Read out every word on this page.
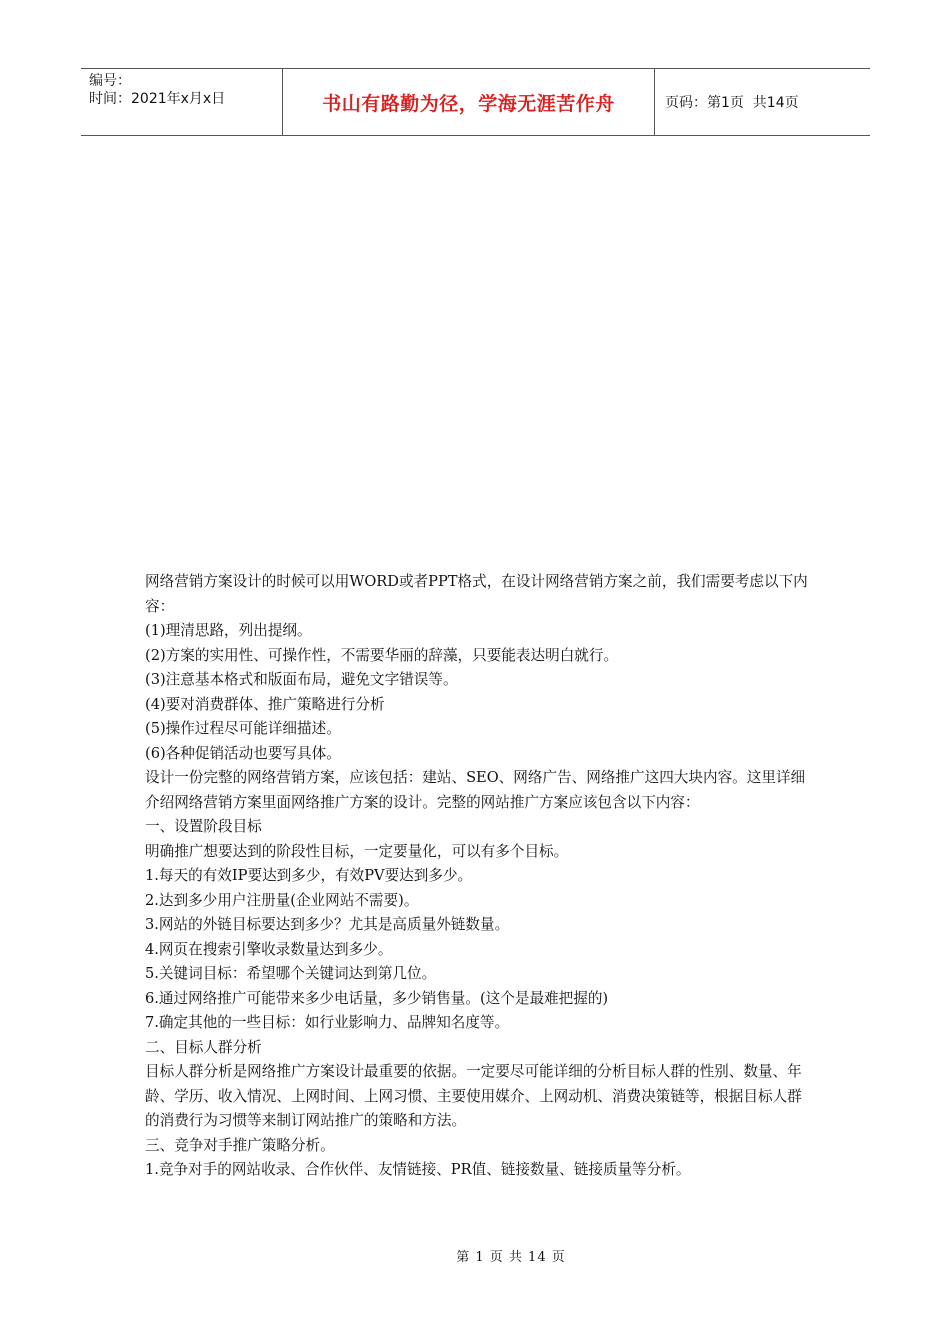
编号：
时间：2021年x月x日	书山有路勤为径，学海无涯苦作舟	页码：第1页  共14页

网络营销方案设计的时候可以用WORD或者PPT格式，在设计网络营销方案之前，我们需要考虑以下内容：

(1)理清思路，列出提纲。

(2)方案的实用性、可操作性，不需要华丽的辞藻，只要能表达明白就行。

(3)注意基本格式和版面布局，避免文字错误等。

(4)要对消费群体、推广策略进行分析

(5)操作过程尽可能详细描述。

(6)各种促销活动也要写具体。

设计一份完整的网络营销方案，应该包括：建站、SEO、网络广告、网络推广这四大块内容。这里详细介绍网络营销方案里面网络推广方案的设计。完整的网站推广方案应该包含以下内容：

一、设置阶段目标

明确推广想要达到的阶段性目标，一定要量化，可以有多个目标。

1.每天的有效IP要达到多少，有效PV要达到多少。

2.达到多少用户注册量(企业网站不需要)。

3.网站的外链目标要达到多少？尤其是高质量外链数量。

4.网页在搜索引擎收录数量达到多少。

5.关键词目标：希望哪个关键词达到第几位。

6.通过网络推广可能带来多少电话量，多少销售量。(这个是最难把握的)

7.确定其他的一些目标：如行业影响力、品牌知名度等。

二、目标人群分析

目标人群分析是网络推广方案设计最重要的依据。一定要尽可能详细的分析目标人群的性别、数量、年龄、学历、收入情况、上网时间、上网习惯、主要使用媒介、上网动机、消费决策链等，根据目标人群的消费行为习惯等来制订网站推广的策略和方法。

三、竞争对手推广策略分析。

1.竞争对手的网站收录、合作伙伴、友情链接、PR值、链接数量、链接质量等分析。

第 1 页 共 14 页
